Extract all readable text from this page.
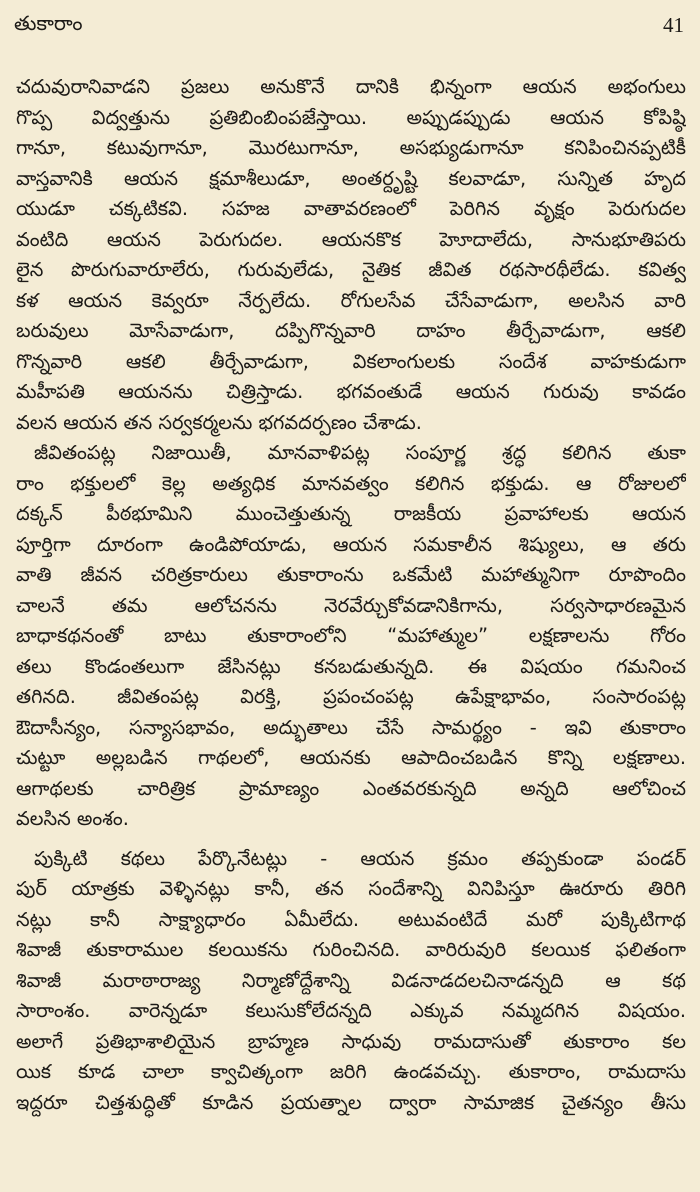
తుకారాం	41
చదువురానివాడని ప్రజలు అనుకొనే దానికి భిన్నంగా ఆయన అభంగులు
గొప్ప విద్వత్తును ప్రతిబింబింపజేస్తాయి. అప్పుడప్పుడు ఆయన కోపిష్ఠి
గానూ, కటువుగానూ, మొరటుగానూ, అసభ్యుడుగానూ కనిపించినప్పటికీ
వాస్తవానికి ఆయన క్షమాశీలుడూ, అంతర్దృష్టి కలవాడూ, సున్నిత హృద
యుడూ చక్కటికవి. సహజ వాతావరణంలో పెరిగిన వృక్షం పెరుగుదల
వంటిది ఆయన పెరుగుదల. ఆయనకొక హెూదాలేదు, సానుభూతిపరు
లైన పొరుగువారూలేరు, గురువులేడు, నైతిక జీవిత రథసారథీలేడు. కవిత్వ
కళ ఆయన కెవ్వరూ నేర్పలేదు. రోగులసేవ చేసేవాడుగా, అలసిన వారి
బరువులు మోసేవాడుగా, దప్పిగొన్నవారి దాహం తీర్చేవాడుగా, ఆకలి
గొన్నవారి ఆకలి తీర్చేవాడుగా, వికలాంగులకు సందేశ వాహకుడుగా
మహీపతి ఆయనను చిత్రిస్తాడు. భగవంతుడే ఆయన గురువు కావడం
వలన ఆయన తన సర్వకర్మలను భగవదర్పణం చేశాడు.
జీవితంపట్ల నిజాయితీ, మానవాళిపట్ల సంపూర్ణ శ్రద్ధ కలిగిన తుకా
రాం భక్తులలో కెల్ల అత్యధిక మానవత్వం కలిగిన భక్తుడు. ఆ రోజులలో
దక్కన్ పీఠభూమిని ముంచెత్తుతున్న రాజకీయ ప్రవాహాలకు ఆయన
పూర్తిగా దూరంగా ఉండిపోయాడు, ఆయన సమకాలీన శిష్యులు, ఆ తరు
వాతి జీవన చరిత్రకారులు తుకారాంను ఒకమేటి మహాత్మునిగా రూపొందిం
చాలనే తమ ఆలోచనను నెరవేర్చుకోవడానికిగాను, సర్వసాధారణమైన
బాధాకథనంతో బాటు తుకారాంలోని “మహాత్ముల” లక్షణాలను గోరం
తలు కొండంతలుగా జేసినట్లు కనబడుతున్నది. ఈ విషయం గమనించ
తగినది. జీవితంపట్ల విరక్తి, ప్రపంచంపట్ల ఉపేక్షాభావం, సంసారంపట్ల
ఔదాసీన్యం, సన్యాసభావం, అద్భుతాలు చేసే సామర్థ్యం - ఇవి తుకారాం
చుట్టూ అల్లబడిన గాథలలో, ఆయనకు ఆపాదించబడిన కొన్ని లక్షణాలు.
ఆగాథలకు చారిత్రిక ప్రామాణ్యం ఎంతవరకున్నది అన్నది ఆలోచించ
వలసిన అంశం.
పుక్కిటి కథలు పేర్కొనేటట్లు - ఆయన క్రమం తప్పకుండా పండర్
పుర్ యాత్రకు వెళ్ళినట్లు కానీ, తన సందేశాన్ని వినిపిస్తూ ఊరూరు తిరిగి
నట్లు కానీ సాక్ష్యాధారం ఏమీలేదు. అటువంటిదే మరో పుక్కిటిగాథ
శివాజీ తుకారాముల కలయికను గురించినది. వారిరువురి కలయిక ఫలితంగా
శివాజీ మరాఠారాజ్య నిర్మాణోద్దేశాన్ని విడనాడదలచినాడన్నది ఆ కథ
సారాంశం. వారెన్నడూ కలుసుకోలేదన్నది ఎక్కువ నమ్మదగిన విషయం.
అలాగే ప్రతిభాశాలియైన బ్రాహ్మణ సాధువు రామదాసుతో తుకారాం కల
యిక కూడ చాలా క్వాచిత్కంగా జరిగి ఉండవచ్చు. తుకారాం, రామదాసు
ఇద్దరూ చిత్తశుద్ధితో కూడిన ప్రయత్నాల ద్వారా సామాజిక చైతన్యం తీసు
